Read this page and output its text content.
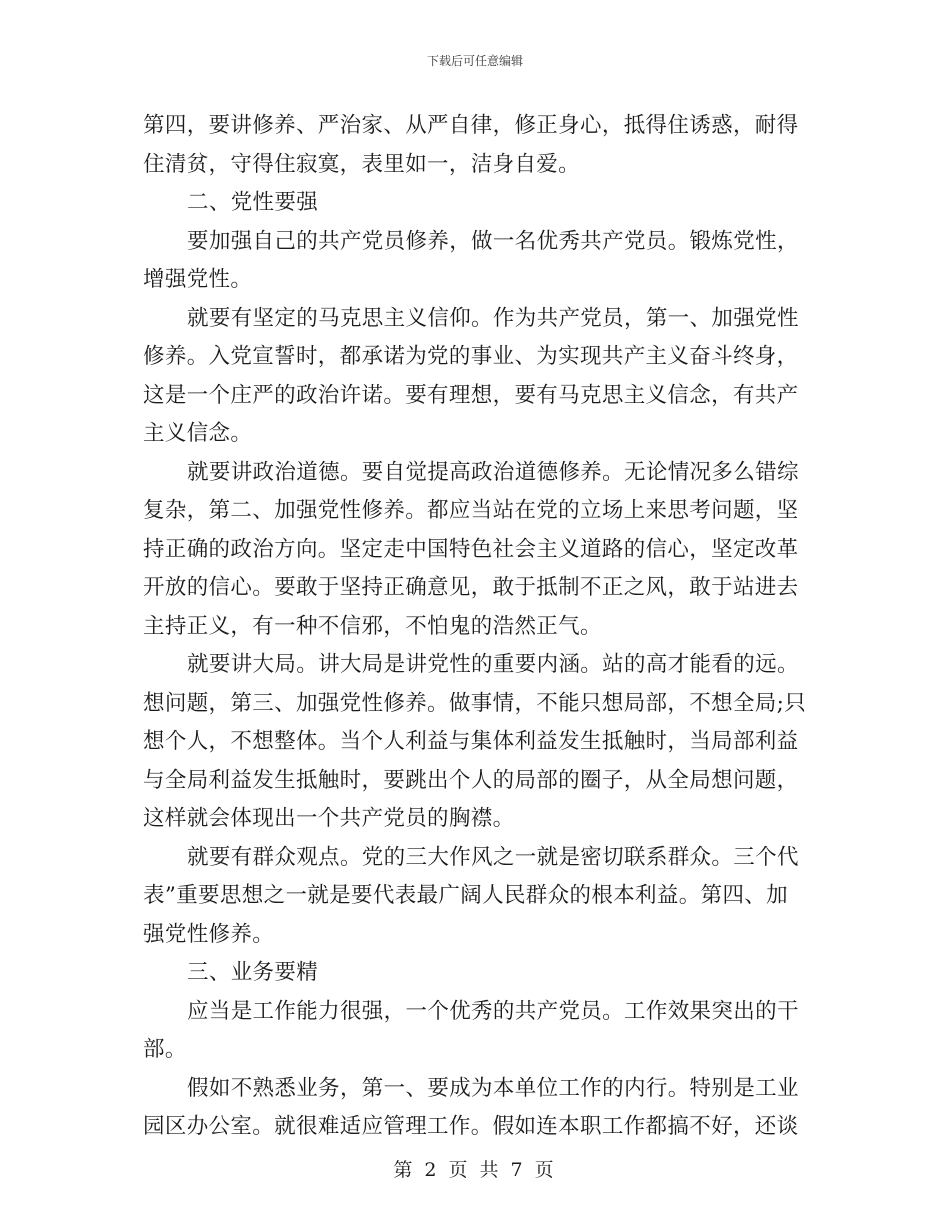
下载后可任意编辑
第四，要讲修养、严治家、从严自律，修正身心，抵得住诱惑，耐得
住清贫，守得住寂寞，表里如一，洁身自爱。
二、党性要强
要加强自己的共产党员修养，做一名优秀共产党员。锻炼党性，
增强党性。
就要有坚定的马克思主义信仰。作为共产党员，第一、加强党性
修养。入党宣誓时，都承诺为党的事业、为实现共产主义奋斗终身，
这是一个庄严的政治许诺。要有理想，要有马克思主义信念，有共产
主义信念。
就要讲政治道德。要自觉提高政治道德修养。无论情况多么错综
复杂，第二、加强党性修养。都应当站在党的立场上来思考问题，坚
持正确的政治方向。坚定走中国特色社会主义道路的信心，坚定改革
开放的信心。要敢于坚持正确意见，敢于抵制不正之风，敢于站进去
主持正义，有一种不信邪，不怕鬼的浩然正气。
就要讲大局。讲大局是讲党性的重要内涵。站的高才能看的远。
想问题，第三、加强党性修养。做事情，不能只想局部，不想全局;只
想个人，不想整体。当个人利益与集体利益发生抵触时，当局部利益
与全局利益发生抵触时，要跳出个人的局部的圈子，从全局想问题，
这样就会体现出一个共产党员的胸襟。
就要有群众观点。党的三大作风之一就是密切联系群众。三个代
表”重要思想之一就是要代表最广阔人民群众的根本利益。第四、加
强党性修养。
三、业务要精
应当是工作能力很强，一个优秀的共产党员。工作效果突出的干
部。
假如不熟悉业务，第一、要成为本单位工作的内行。特别是工业
园区办公室。就很难适应管理工作。假如连本职工作都搞不好，还谈
第 2 页 共 7 页
